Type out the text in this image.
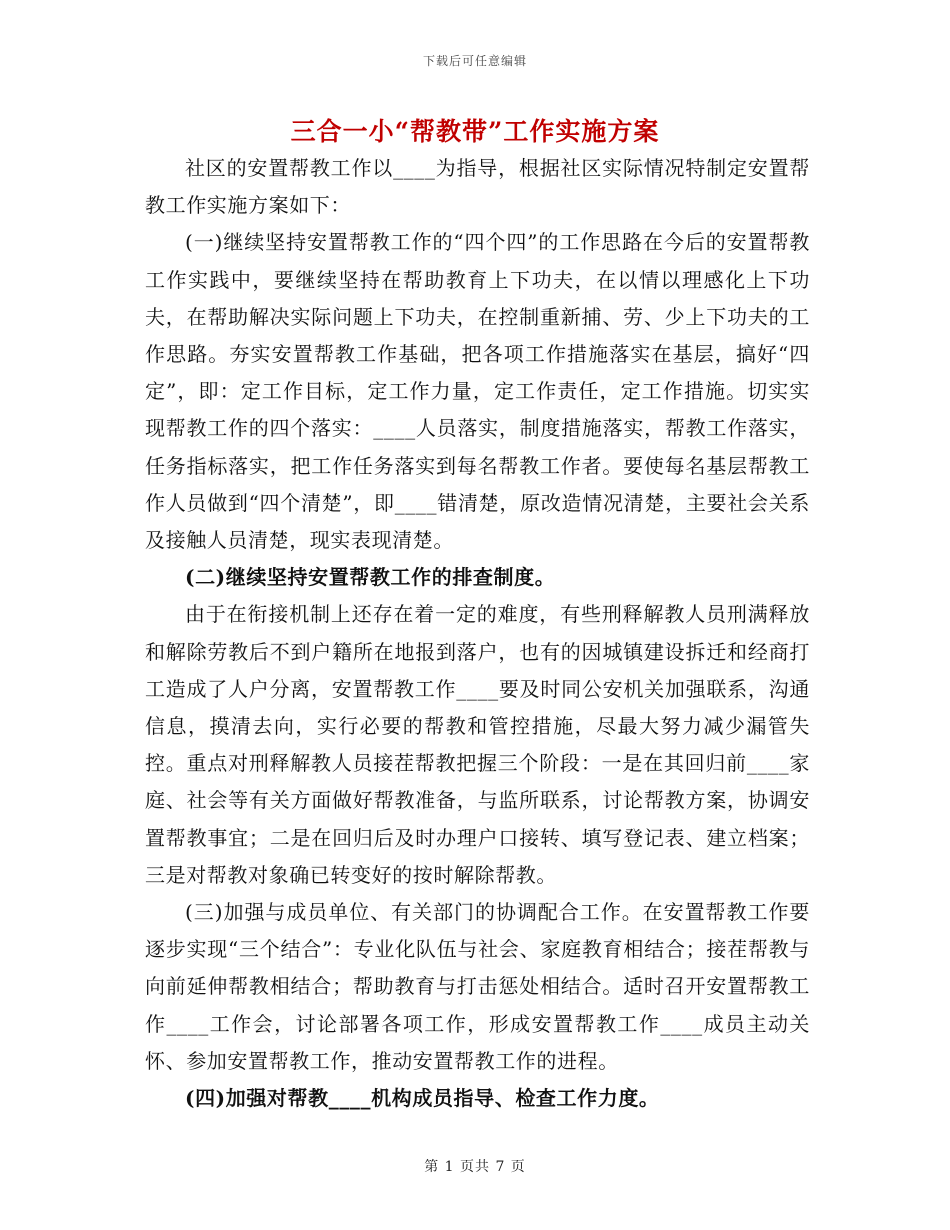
下载后可任意编辑
三合一小“帮教带”工作实施方案

社区的安置帮教工作以____为指导，根据社区实际情况特制定安置帮教工作实施方案如下：

(一)继续坚持安置帮教工作的“四个四”的工作思路在今后的安置帮教工作实践中，要继续坚持在帮助教育上下功夫，在以情以理感化上下功夫，在帮助解决实际问题上下功夫，在控制重新捕、劳、少上下功夫的工作思路。夯实安置帮教工作基础，把各项工作措施落实在基层，搞好“四定”，即：定工作目标，定工作力量，定工作责任，定工作措施。切实实现帮教工作的四个落实：____人员落实，制度措施落实，帮教工作落实，任务指标落实，把工作任务落实到每名帮教工作者。要使每名基层帮教工作人员做到“四个清楚”，即____错清楚，原改造情况清楚，主要社会关系及接触人员清楚，现实表现清楚。

(二)继续坚持安置帮教工作的排查制度。

由于在衔接机制上还存在着一定的难度，有些刑释解教人员刑满释放和解除劳教后不到户籍所在地报到落户，也有的因城镇建设拆迁和经商打工造成了人户分离，安置帮教工作____要及时同公安机关加强联系，沟通信息，摸清去向，实行必要的帮教和管控措施，尽最大努力减少漏管失控。重点对刑释解教人员接茬帮教把握三个阶段：一是在其回归前____家庭、社会等有关方面做好帮教准备，与监所联系，讨论帮教方案，协调安置帮教事宜；二是在回归后及时办理户口接转、填写登记表、建立档案；三是对帮教对象确已转变好的按时解除帮教。

(三)加强与成员单位、有关部门的协调配合工作。在安置帮教工作要逐步实现“三个结合”：专业化队伍与社会、家庭教育相结合；接茬帮教与向前延伸帮教相结合；帮助教育与打击惩处相结合。适时召开安置帮教工作____工作会，讨论部署各项工作，形成安置帮教工作____成员主动关怀、参加安置帮教工作，推动安置帮教工作的进程。

(四)加强对帮教____机构成员指导、检查工作力度。

第 1 页共 7 页
